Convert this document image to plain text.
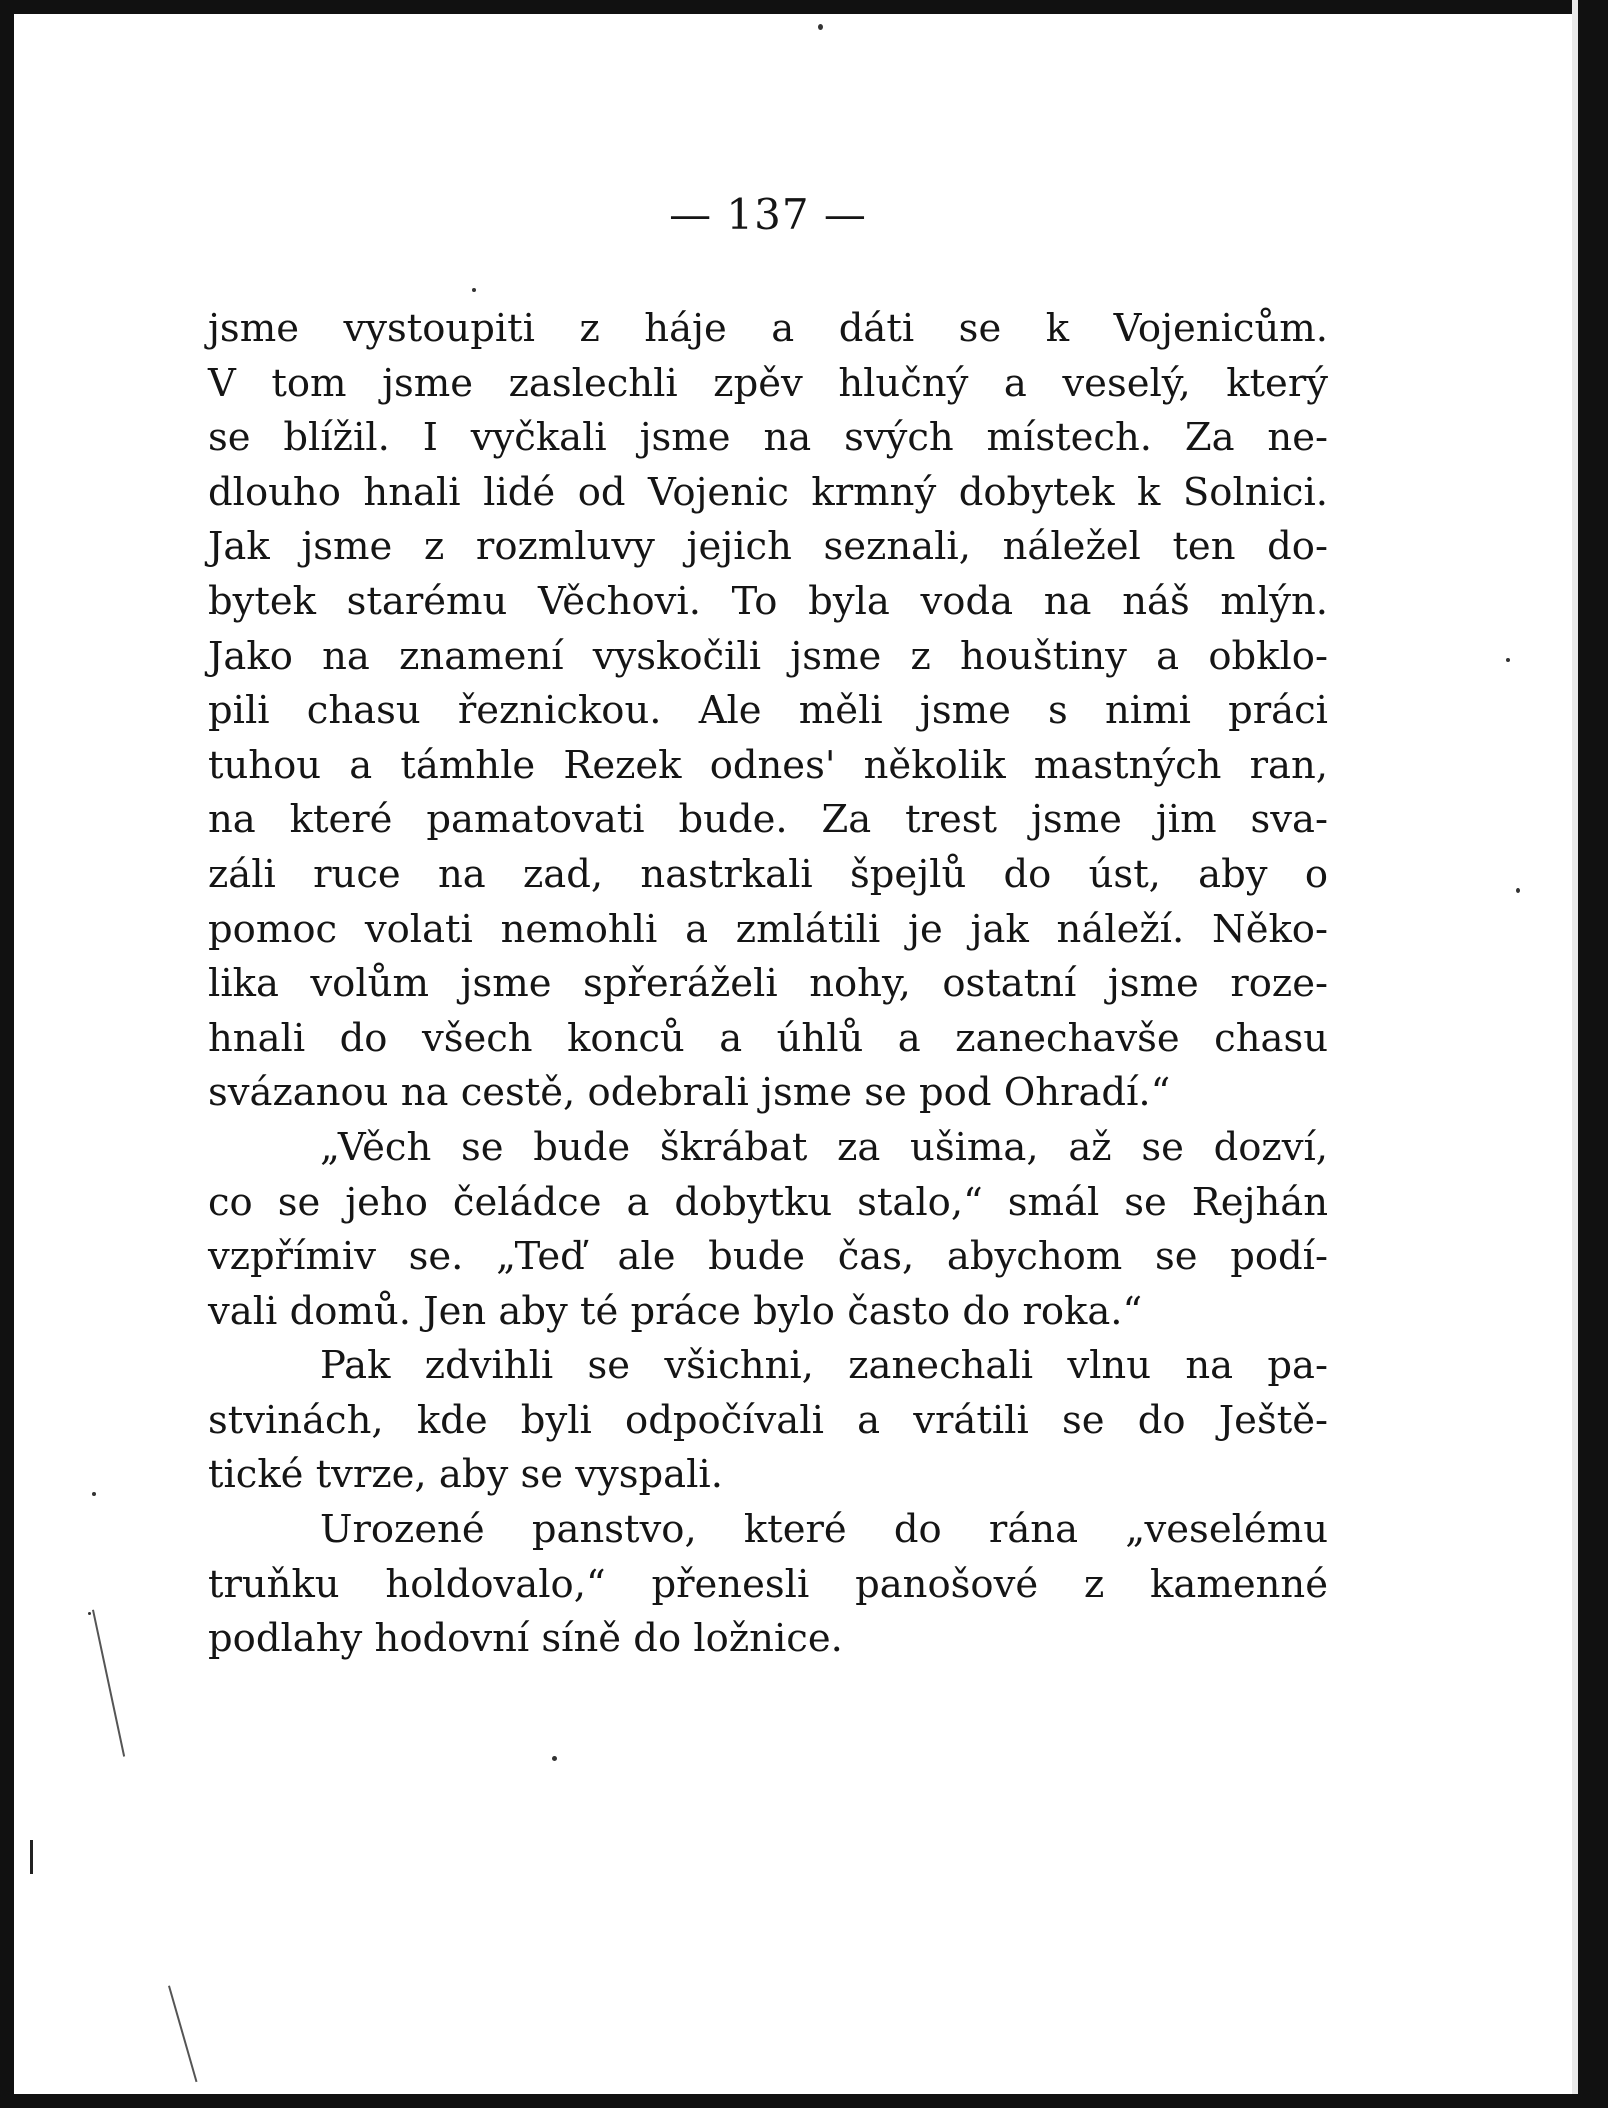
— 137 —
jsme vystoupiti z háje a dáti se k Vojenicům.
V tom jsme zaslechli zpěv hlučný a veselý, který
se blížil. I vyčkali jsme na svých místech. Za ne-
dlouho hnali lidé od Vojenic krmný dobytek k Solnici.
Jak jsme z rozmluvy jejich seznali, náležel ten do-
bytek starému Věchovi. To byla voda na náš mlýn.
Jako na znamení vyskočili jsme z houštiny a obklo-
pili chasu řeznickou. Ale měli jsme s nimi práci
tuhou a támhle Rezek odnes' několik mastných ran,
na které pamatovati bude. Za trest jsme jim sva-
záli ruce na zad, nastrkali špejlů do úst, aby o
pomoc volati nemohli a zmlátili je jak náleží. Něko-
lika volům jsme spřeráželi nohy, ostatní jsme roze-
hnali do všech konců a úhlů a zanechavše chasu
svázanou na cestě, odebrali jsme se pod Ohradí.“
„Věch se bude škrábat za ušima, až se dozví,
co se jeho čeládce a dobytku stalo,“ smál se Rejhán
vzpřímiv se. „Teď ale bude čas, abychom se podí-
vali domů. Jen aby té práce bylo často do roka.“
Pak zdvihli se všichni, zanechali vlnu na pa-
stvinách, kde byli odpočívali a vrátili se do Ještě-
tické tvrze, aby se vyspali.
Urozené panstvo, které do rána „veselému
truňku holdovalo,“ přenesli panošové z kamenné
podlahy hodovní síně do ložnice.
